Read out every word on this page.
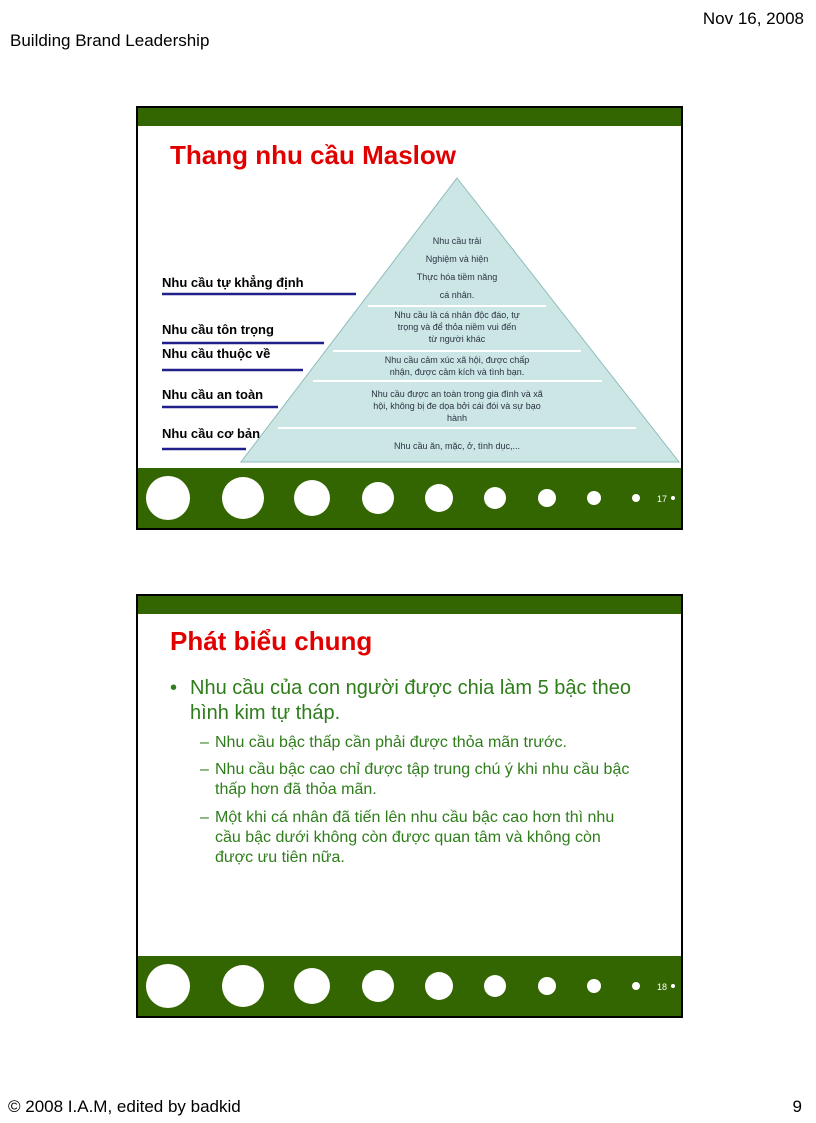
Building Brand Leadership
Nov 16, 2008
Thang nhu cầu Maslow
Nhu cầu tự khẳng định
Nhu cầu tôn trọng
Nhu cầu thuộc về
Nhu cầu an toàn
Nhu cầu cơ bản
Nhu cầu trải
Nghiệm và hiện
Thực hóa tiềm năng
cá nhân.
Nhu cầu là cá nhân độc đáo, tự
trọng và để thỏa niềm vui đến
từ người khác
Nhu cầu cảm xúc xã hội, được chấp
nhận, được cảm kích và tình bạn.
Nhu cầu được an toàn trong gia đình và xã
hội, không bị đe dọa bởi cái đói và sự bạo
hành
Nhu cầu ăn, mặc, ở, tình dục,...
17
Phát biểu chung
• Nhu cầu của con người được chia làm 5 bậc theo hình kim tự tháp.
– Nhu cầu bậc thấp cần phải được thỏa mãn trước.
– Nhu cầu bậc cao chỉ được tập trung chú ý khi nhu cầu bậc thấp hơn đã thỏa mãn.
– Một khi cá nhân đã tiến lên nhu cầu bậc cao hơn thì nhu cầu bậc dưới không còn được quan tâm và không còn được ưu tiên nữa.
18
© 2008 I.A.M, edited by badkid	9
